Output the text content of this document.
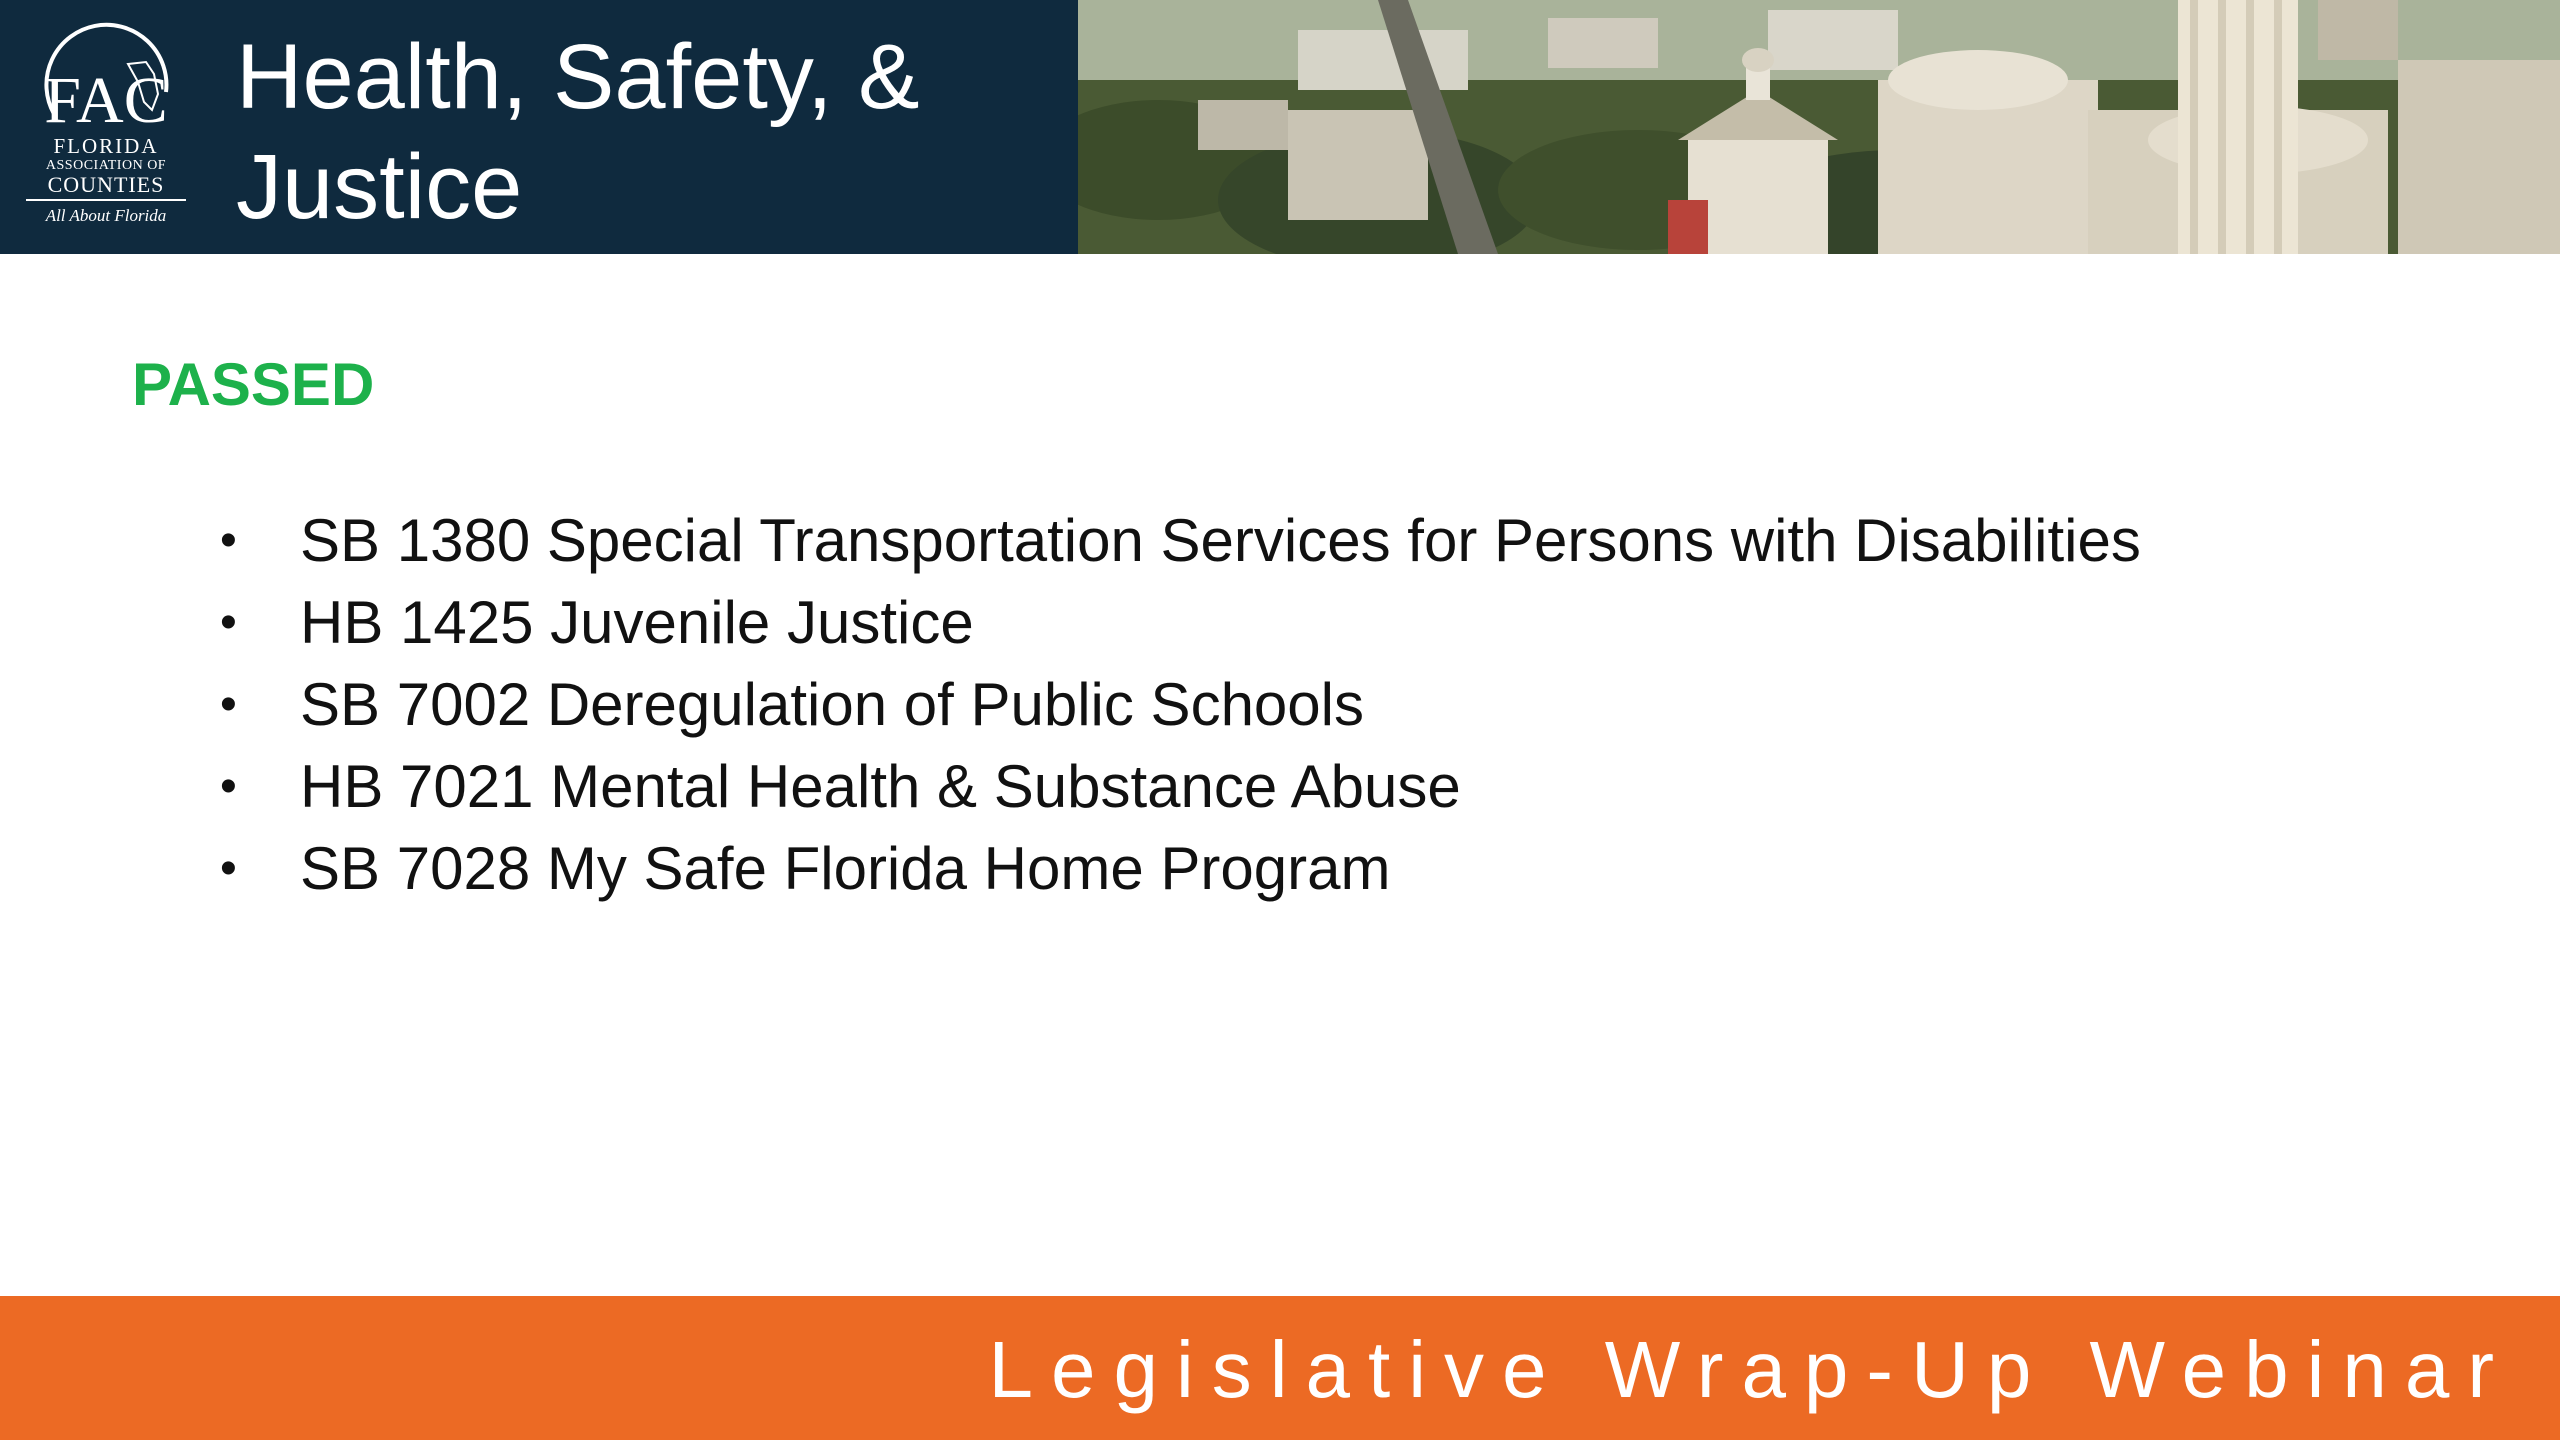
FAC
FLORIDA
ASSOCIATION OF
COUNTIES
All About Florida
Health, Safety, &
Justice
PASSED
•	SB 1380 Special Transportation Services for Persons with Disabilities
•	HB 1425 Juvenile Justice
•	SB 7002 Deregulation of Public Schools
•	HB 7021 Mental Health & Substance Abuse
•	SB 7028 My Safe Florida Home Program
Legislative Wrap-Up Webinar
